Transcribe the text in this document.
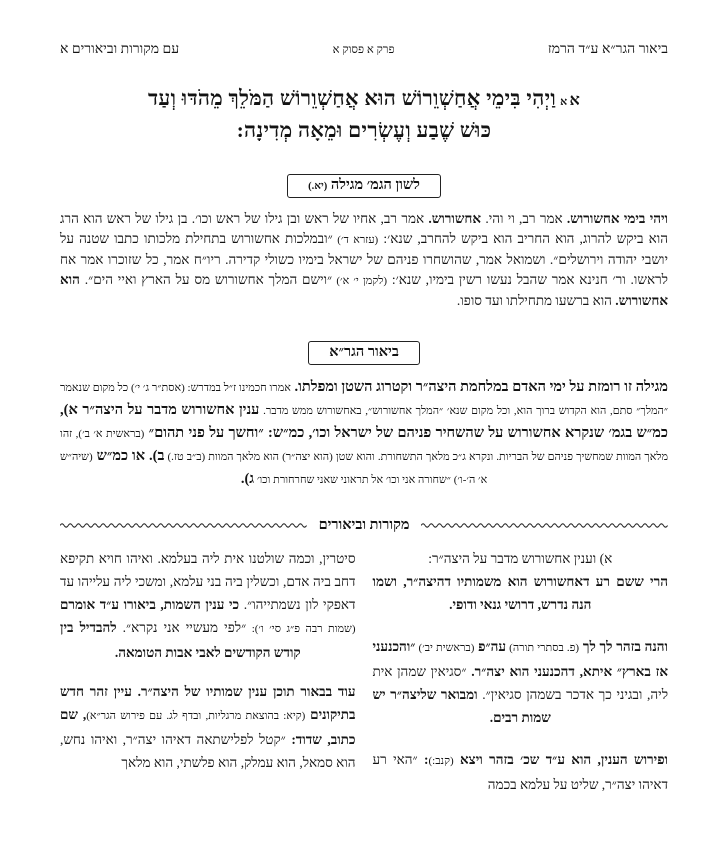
ביאור הגר״א ע״ד הרמז
פרק א פסוק א
עם מקורות וביאורים א
אאוַיְהִי בִּימֵי אֲחַשְׁוֵרוֹשׁ הוּא אֲחַשְׁוֵרוֹשׁ הַמֹּלֵךְ מֵהֹדּוּ וְעַד
כּוּשׁ שֶׁבַע וְעֶשְׂרִים וּמֵאָה מְדִינָה:
לשון הגמ׳ מגילה (יא.)

ויהי בימי אחשורוש. אמר רב, וי והי. אחשורוש. אמר רב, אחיו של ראש ובן גילו של ראש וכו׳. בן גילו של ראש הוא הרג הוא ביקש להרוג, הוא החריב הוא ביקש להחרב, שנא׳: (עזרא ד׳) ״ובמלכות אחשורוש בתחילת מלכותו כתבו שטנה על יושבי יהודה וירושלים״. ושמואל אמר, שהושחרו פניהם של ישראל בימיו כשולי קדירה. ריו״ח אמר, כל שזוכרו אמר אח לראשו. ור׳ חנינא אמר שהבל נעשו רשין בימיו, שנא׳: (לקמן י׳ א׳) ״וישם המלך אחשורוש מס על הארץ ואיי הים״. הוא אחשורוש. הוא ברשעו מתחילתו ועד סופו.

ביאור הגר״א

מגילה זו רומזת על ימי האדם במלחמת היצה״ר וקטרוג השטן ומפלתו. אמרו חכמינו ז״ל במדרש: (אסת״ר ג׳ י׳) כל מקום שנאמר ״המלך״ סתם, הוא הקדוש ברוך הוא, וכל מקום שנא׳ ״המלך אחשורוש״, באחשורוש ממש מדבר. ענין אחשורוש מדבר על היצה״ר א), כמ״ש בגמ׳ שנקרא אחשורוש על שהשחיר פניהם של ישראל וכו׳, כמ״ש: ״וחשך על פני תהום״ (בראשית א׳ ב׳), זהו מלאך המוות שמחשיך פניהם של הבריות. ונקרא ג״כ מלאך התשחורת. והוא שטן (הוא יצה״ר) הוא מלאך המוות (ב״ב טז.) ב). או כמ״ש (שיה״ש א׳ ה׳-ו׳) ״שחורה אני וכו׳ אל תראוני שאני שחרחורת וכו׳ ג).

מקורות וביאורים
א) וענין אחשורוש מדבר על היצה״ר:

הרי ששם רע דאחשורוש הוא משמותיו דהיצה״ר, ושמו הנה נדרש, דרושי גנאי ודופי.

והנה בזהר לך לך (פ. בסתרי תורה) עה״פ (בראשית יב׳) ״והכנעני אז בארץ״ איתא, דהכנעני הוא יצה״ר. ״סגיאין שמהן אית ליה, ובגיני כך אדכר בשמהן סגיאין״. ומבואר שליצה״ר יש שמות רבים.

ופירוש הענין, הוא ע״ד שכ׳ בזהר ויצא (קנב:): ״האי רע דאיהו יצה״ר, שליט על עלמא בכמה

סיטרין, וכמה שולטנו אית ליה בעלמא. ואיהו חויא תקיפא דחב ביה אדם, וכשלין ביה בני עלמא, ומשכי ליה עלייהו עד דאפקי לון נשמתייהו״. כי ענין השמות, ביאורו ע״ד אומרם (שמות רבה פ״ג סי׳ ו׳): ״לפי מעשיי אני נקרא״. להבדיל בין קודש הקודשים לאבי אבות הטומאה.

עוד בבאור תוכן ענין שמותיו של היצה״ר. עיין זהר חדש בתיקונים (קיא: בהוצאת מרגליות, ובדף לג. עם פירוש הגר״א), שם כתוב, שדוד: ״קטל לפלישתאה דאיהו יצה״ר, ואיהו נחש, הוא סמאל, הוא עמלק, הוא פלשתי, הוא מלאך
